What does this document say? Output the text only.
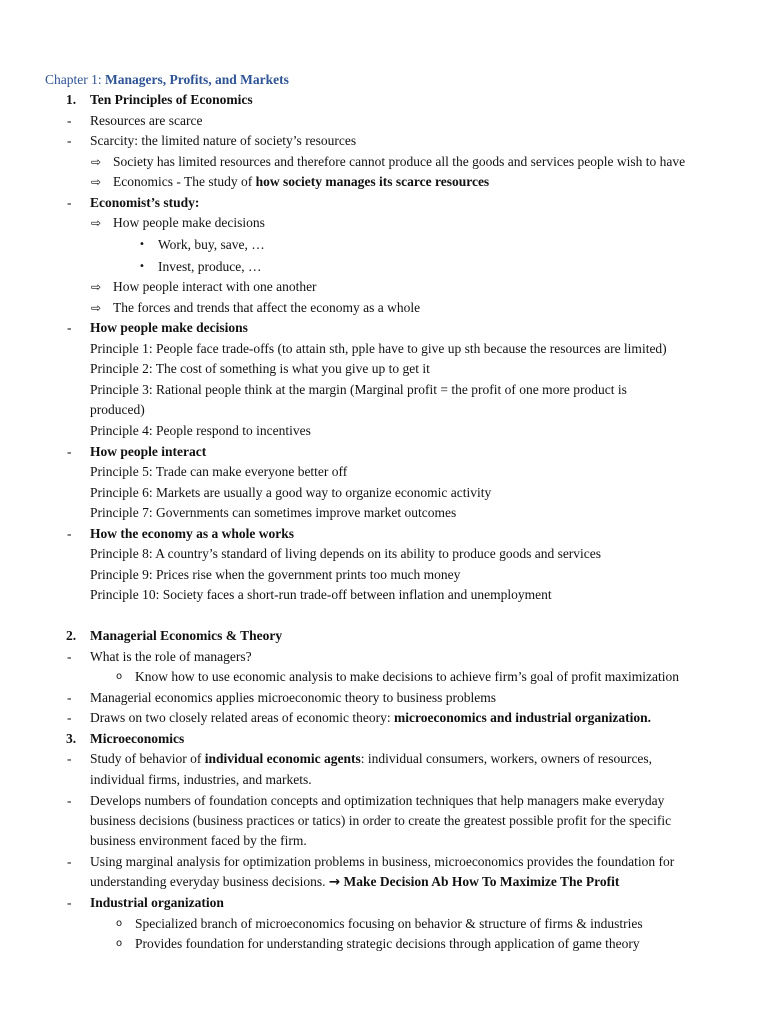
Chapter 1: Managers, Profits, and Markets
1. Ten Principles of Economics
- Resources are scarce
- Scarcity: the limited nature of society’s resources
⇨ Society has limited resources and therefore cannot produce all the goods and services people wish to have
⇨ Economics - The study of how society manages its scarce resources
- Economist’s study:
⇨ How people make decisions
• Work, buy, save, …
• Invest, produce, …
⇨ How people interact with one another
⇨ The forces and trends that affect the economy as a whole
- How people make decisions
Principle 1: People face trade-offs (to attain sth, pple have to give up sth because the resources are limited)
Principle 2: The cost of something is what you give up to get it
Principle 3: Rational people think at the margin (Marginal profit = the profit of one more product is
produced)
Principle 4: People respond to incentives
- How people interact
Principle 5: Trade can make everyone better off
Principle 6: Markets are usually a good way to organize economic activity
Principle 7: Governments can sometimes improve market outcomes
- How the economy as a whole works
Principle 8: A country’s standard of living depends on its ability to produce goods and services
Principle 9: Prices rise when the government prints too much money
Principle 10: Society faces a short-run trade-off between inflation and unemployment
2. Managerial Economics & Theory
- What is the role of managers?
o Know how to use economic analysis to make decisions to achieve firm’s goal of profit maximization
- Managerial economics applies microeconomic theory to business problems
- Draws on two closely related areas of economic theory: microeconomics and industrial organization.
3. Microeconomics
- Study of behavior of individual economic agents: individual consumers, workers, owners of resources,
individual firms, industries, and markets.
- Develops numbers of foundation concepts and optimization techniques that help managers make everyday
business decisions (business practices or tatics) in order to create the greatest possible profit for the specific
business environment faced by the firm.
- Using marginal analysis for optimization problems in business, microeconomics provides the foundation for
understanding everyday business decisions. → Make Decision Ab How To Maximize The Profit
- Industrial organization
o Specialized branch of microeconomics focusing on behavior & structure of firms & industries
o Provides foundation for understanding strategic decisions through application of game theory
